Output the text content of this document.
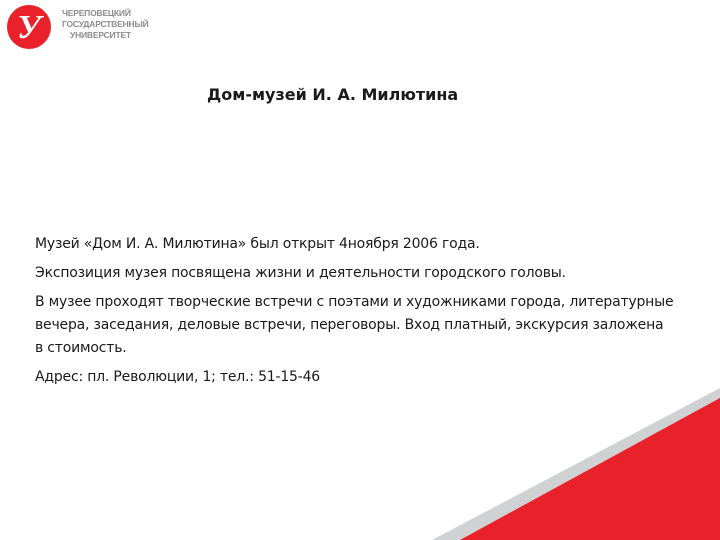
У	ЧЕРЕПОВЕЦКИЙ
ГОСУДАРСТВЕННЫЙ
УНИВЕРСИТЕТ
Дом-музей И. А. Милютина

Музей «Дом И. А. Милютина» был открыт 4ноября 2006 года.

Экспозиция музея посвящена жизни и деятельности городского головы.

В музее проходят творческие встречи с поэтами и художниками города, литературные вечера, заседания, деловые встречи, переговоры. Вход платный, экскурсия заложена в стоимость.

Адрес: пл. Революции, 1; тел.: 51-15-46
